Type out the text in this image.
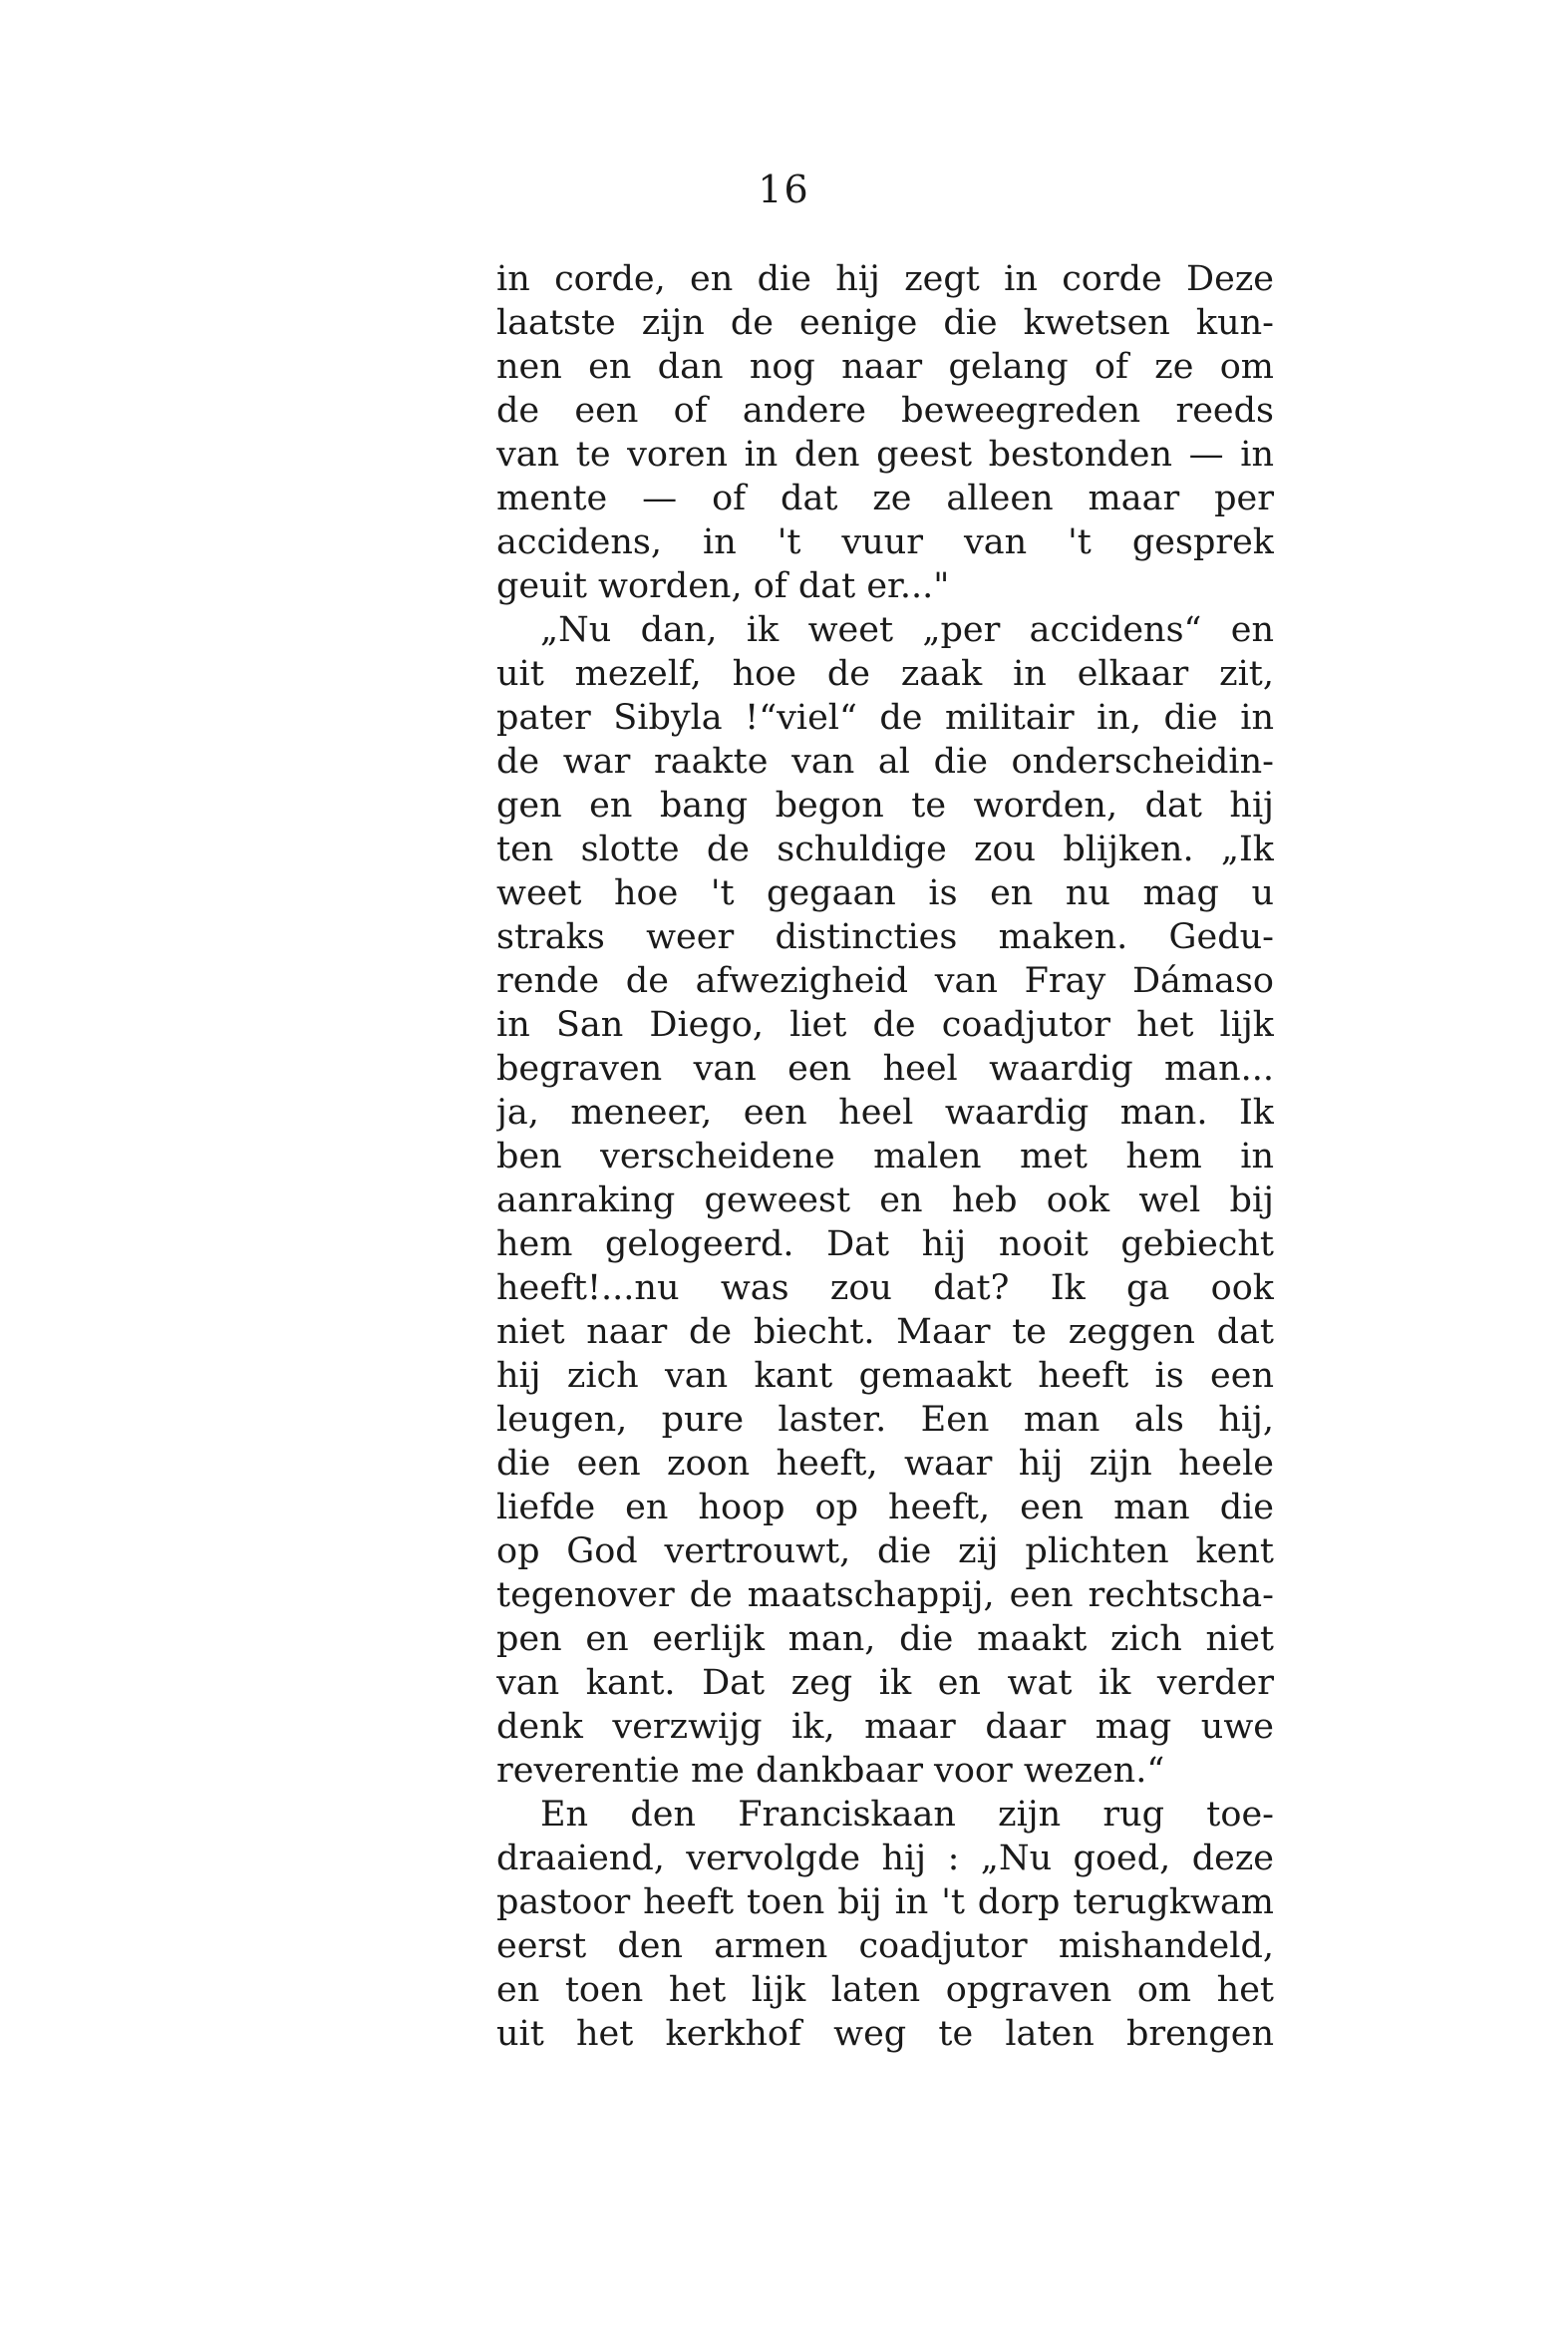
16
in corde, en die hij zegt in corde Deze
laatste zijn de eenige die kwetsen kun-
nen en dan nog naar gelang of ze om
de een of andere beweegreden reeds
van te voren in den geest bestonden — in
mente — of dat ze alleen maar per
accidens, in 't vuur van 't gesprek
geuit worden, of dat er..."
„Nu dan, ik weet „per accidens“ en
uit mezelf, hoe de zaak in elkaar zit,
pater Sibyla !“viel“ de militair in, die in
de war raakte van al die onderscheidin-
gen en bang begon te worden, dat hij
ten slotte de schuldige zou blijken. „Ik
weet hoe 't gegaan is en nu mag u
straks weer distincties maken. Gedu-
rende de afwezigheid van Fray Dámaso
in San Diego, liet de coadjutor het lijk
begraven van een heel waardig man...
ja, meneer, een heel waardig man. Ik
ben verscheidene malen met hem in
aanraking geweest en heb ook wel bij
hem gelogeerd. Dat hij nooit gebiecht
heeft!...nu was zou dat? Ik ga ook
niet naar de biecht. Maar te zeggen dat
hij zich van kant gemaakt heeft is een
leugen, pure laster. Een man als hij,
die een zoon heeft, waar hij zijn heele
liefde en hoop op heeft, een man die
op God vertrouwt, die zij plichten kent
tegenover de maatschappij, een rechtscha-
pen en eerlijk man, die maakt zich niet
van kant. Dat zeg ik en wat ik verder
denk verzwijg ik, maar daar mag uwe
reverentie me dankbaar voor wezen.“
En den Franciskaan zijn rug toe-
draaiend, vervolgde hij : „Nu goed, deze
pastoor heeft toen bij in 't dorp terugkwam
eerst den armen coadjutor mishandeld,
en toen het lijk laten opgraven om het
uit het kerkhof weg te laten brengen
